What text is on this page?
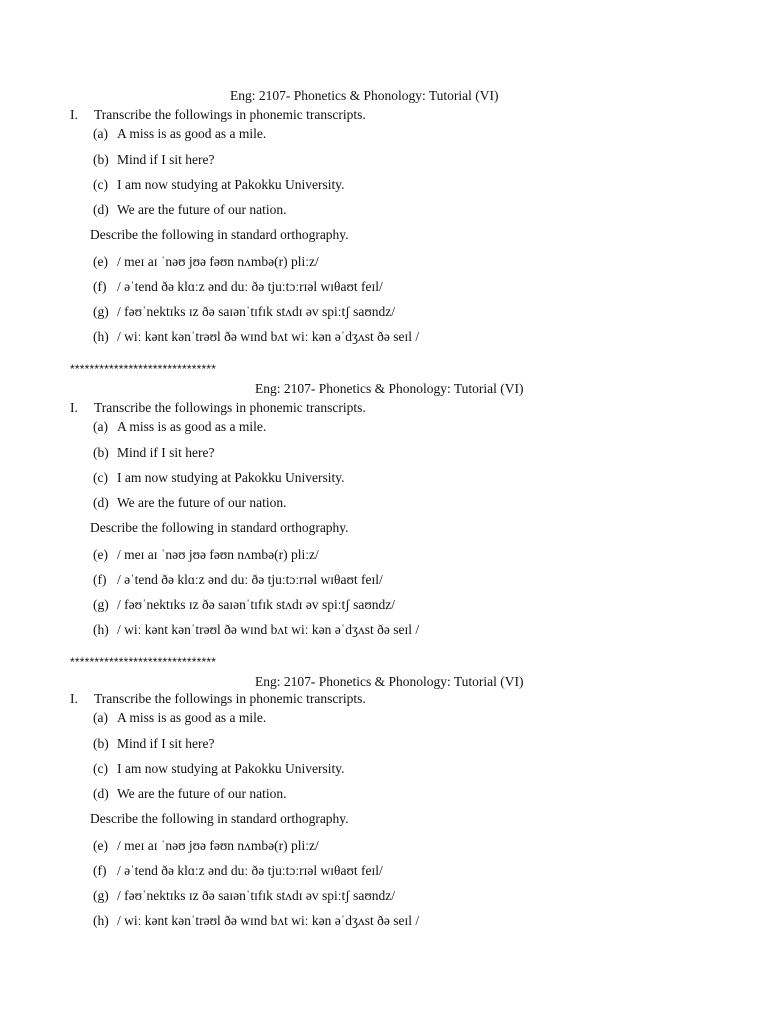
Eng: 2107- Phonetics & Phonology: Tutorial (VI)
I. Transcribe the followings in phonemic transcripts.
(a) A miss is as good as a mile.
(b) Mind if I sit here?
(c) I am now studying at Pakokku University.
(d) We are the future of our nation.
Describe the following in standard orthography.
(e) / meɪ aɪ ˈnəʊ jʊə fəʊn nʌmbə(r) pliːz/
(f) / əˈtend ðə klɑːz ənd duː ðə tjuːtɔːrɪəl wɪθaʊt feɪl/
(g) / fəʊˈnektɪks ɪz ðə saɪənˈtɪfɪk stʌdɪ əv spiːtʃ saʊndz/
(h) / wiː kənt kənˈtrəʊl ðə wɪnd bʌt wiː kən əˈdʒʌst ðə seɪl /
******************************
Eng: 2107- Phonetics & Phonology: Tutorial (VI)
I. Transcribe the followings in phonemic transcripts.
(a) A miss is as good as a mile.
(b) Mind if I sit here?
(c) I am now studying at Pakokku University.
(d) We are the future of our nation.
Describe the following in standard orthography.
(e) / meɪ aɪ ˈnəʊ jʊə fəʊn nʌmbə(r) pliːz/
(f) / əˈtend ðə klɑːz ənd duː ðə tjuːtɔːrɪəl wɪθaʊt feɪl/
(g) / fəʊˈnektɪks ɪz ðə saɪənˈtɪfɪk stʌdɪ əv spiːtʃ saʊndz/
(h) / wiː kənt kənˈtrəʊl ðə wɪnd bʌt wiː kən əˈdʒʌst ðə seɪl /
******************************
Eng: 2107- Phonetics & Phonology: Tutorial (VI)
I. Transcribe the followings in phonemic transcripts.
(a) A miss is as good as a mile.
(b) Mind if I sit here?
(c) I am now studying at Pakokku University.
(d) We are the future of our nation.
Describe the following in standard orthography.
(e) / meɪ aɪ ˈnəʊ jʊə fəʊn nʌmbə(r) pliːz/
(f) / əˈtend ðə klɑːz ənd duː ðə tjuːtɔːrɪəl wɪθaʊt feɪl/
(g) / fəʊˈnektɪks ɪz ðə saɪənˈtɪfɪk stʌdɪ əv spiːtʃ saʊndz/
(h) / wiː kənt kənˈtrəʊl ðə wɪnd bʌt wiː kən əˈdʒʌst ðə seɪl /
